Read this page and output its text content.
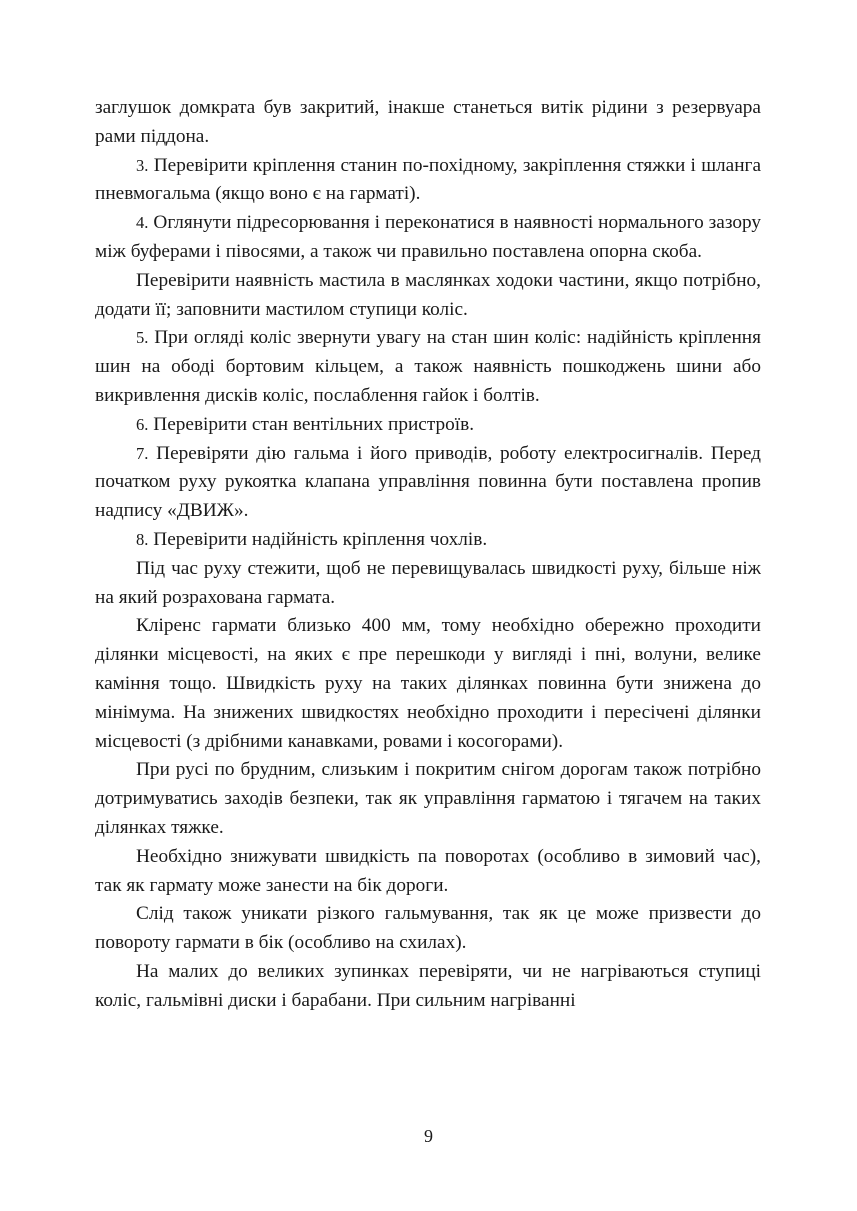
заглушок домкрата був закритий, інакше станеться витік рідини з резервуара рами піддона.

3. Перевірити кріплення станин по-похідному, закріплення стяжки і шланга пневмогальма (якщо воно є на гарматі).

4. Оглянути підресорювання і переконатися в наявності нормального зазору між буферами і півосями, а також чи правильно поставлена опорна скоба.

Перевірити наявність мастила в маслянках ходоки частини, якщо потрібно, додати її; заповнити мастилом ступици коліс.

5. При огляді коліс звернути увагу на стан шин коліс: надійність кріплення шин на ободі бортовим кільцем, а також наявність пошкоджень шини або викривлення дисків коліс, послаблення гайок і болтів.

6. Перевірити стан вентільних пристроїв.

7. Перевіряти дію гальма і його приводів, роботу електросигналів. Перед початком руху рукоятка клапана управління повинна бути поставлена пропив надпису «ДВИЖ».

8. Перевірити надійність кріплення чохлів.

Під час руху стежити, щоб не перевищувалась швидкості руху, більше ніж на який розрахована гармата.

Кліренс гармати близько 400 мм, тому необхідно обережно проходити ділянки місцевості, на яких є пре перешкоди у вигляді і пні, волуни, велике каміння тощо. Швидкість руху на таких ділянках повинна бути знижена до мінімума. На знижених швидкостях необхідно проходити і пересічені ділянки місцевості (з дрібними канавками, ровами і косогорами).

При русі по брудним, слизьким і покритим снігом дорогам також потрібно дотримуватись заходів безпеки, так як управління гарматою і тягачем на таких ділянках тяжке.

Необхідно знижувати швидкість па поворотах (особливо в зимовий час), так як гармату може занести на бік дороги.

Слід також уникати різкого гальмування, так як це може призвести до повороту гармати в бік (особливо на схилах).

На малих до великих зупинках перевіряти, чи не нагріваються ступиці коліс, гальмівні диски і барабани. При сильним нагріванні

9
